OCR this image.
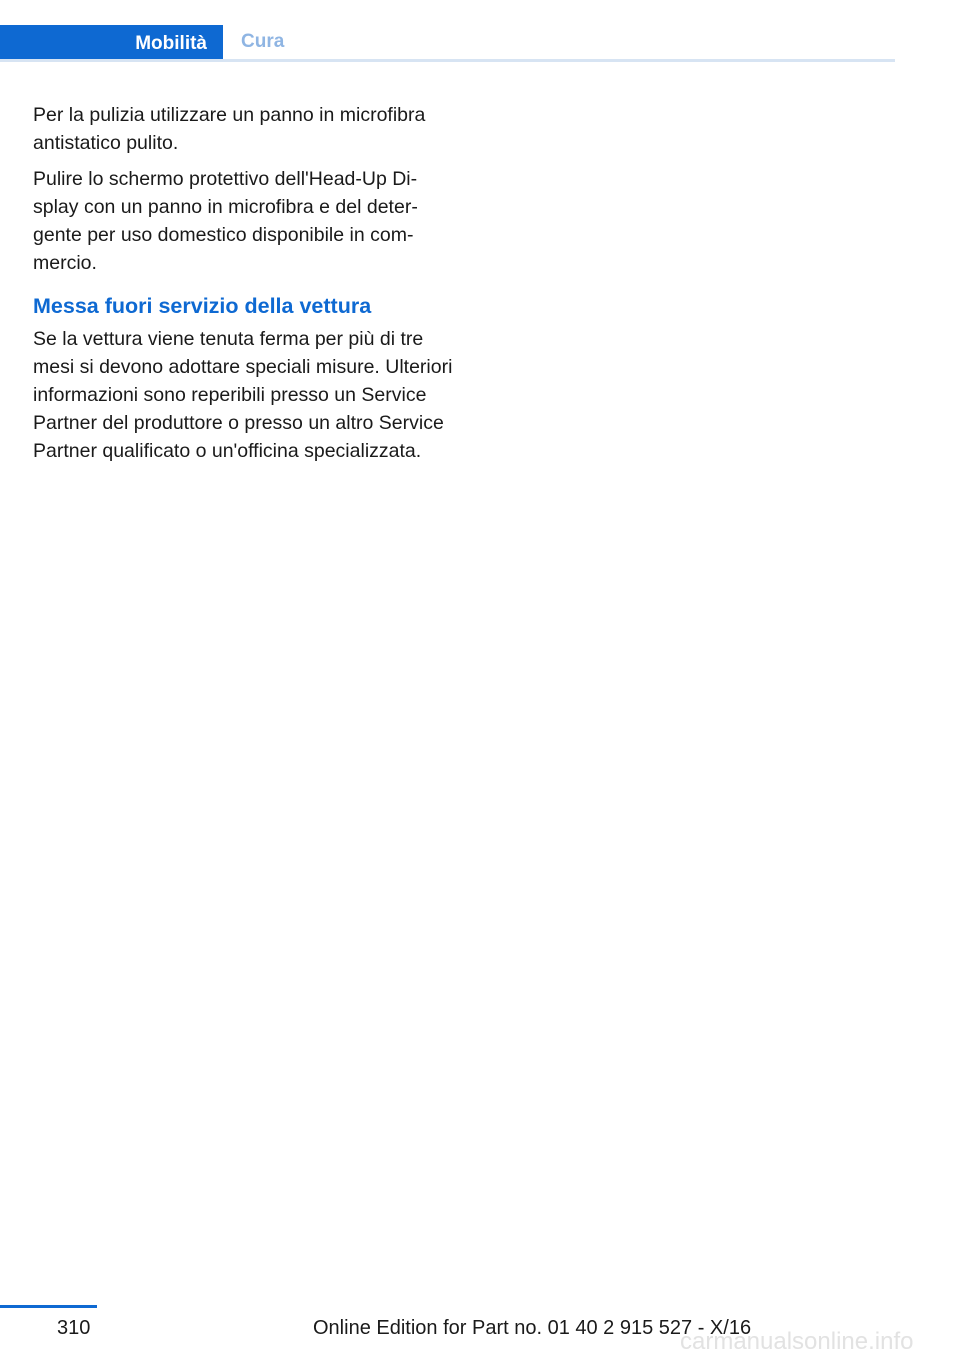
Mobilità	Cura

Per la pulizia utilizzare un panno in microfibra antistatico pulito.

Pulire lo schermo protettivo dell'Head-Up Display con un panno in microfibra e del detergente per uso domestico disponibile in commercio.

Messa fuori servizio della vettura

Se la vettura viene tenuta ferma per più di tre mesi si devono adottare speciali misure. Ulteriori informazioni sono reperibili presso un Service Partner del produttore o presso un altro Service Partner qualificato o un'officina specializzata.

310	Online Edition for Part no. 01 40 2 915 527 - X/16
carmanualsonline.info
